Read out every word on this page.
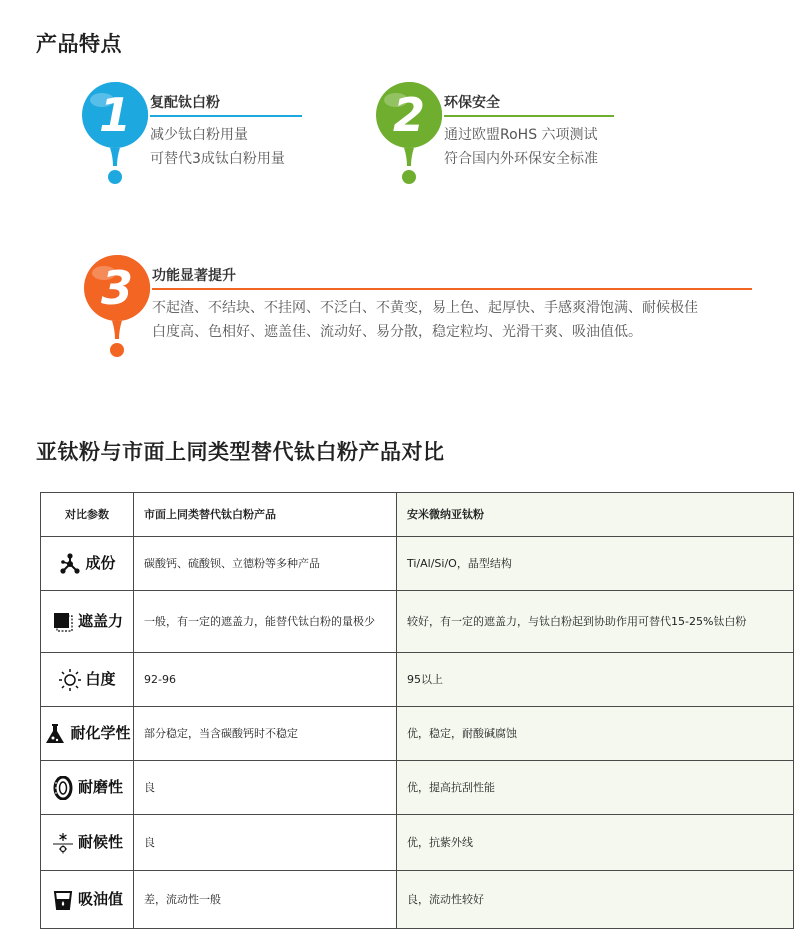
产品特点
1 复配钛白粉
减少钛白粉用量
可替代3成钛白粉用量
2 环保安全
通过欧盟RoHS 六项测试
符合国内外环保安全标准
3 功能显著提升
不起渣、不结块、不挂网、不泛白、不黄变，易上色、起厚快、手感爽滑饱满、耐候极佳
白度高、色相好、遮盖佳、流动好、易分散，稳定粒均、光滑干爽、吸油值低。
亚钛粉与市面上同类型替代钛白粉产品对比
对比参数	市面上同类替代钛白粉产品	安米微纳亚钛粉

成份	碳酸钙、硫酸钡、立德粉等多种产品	Ti/Al/Si/O，晶型结构

遮盖力	一般，有一定的遮盖力，能替代钛白粉的量极少	较好，有一定的遮盖力，与钛白粉起到协助作用可替代15-25%钛白粉

白度	92-96	95以上

耐化学性	部分稳定，当含碳酸钙时不稳定	优，稳定，耐酸碱腐蚀

耐磨性	良	优，提高抗刮性能

耐候性	良	优，抗紫外线

吸油值	差，流动性一般	良，流动性较好
